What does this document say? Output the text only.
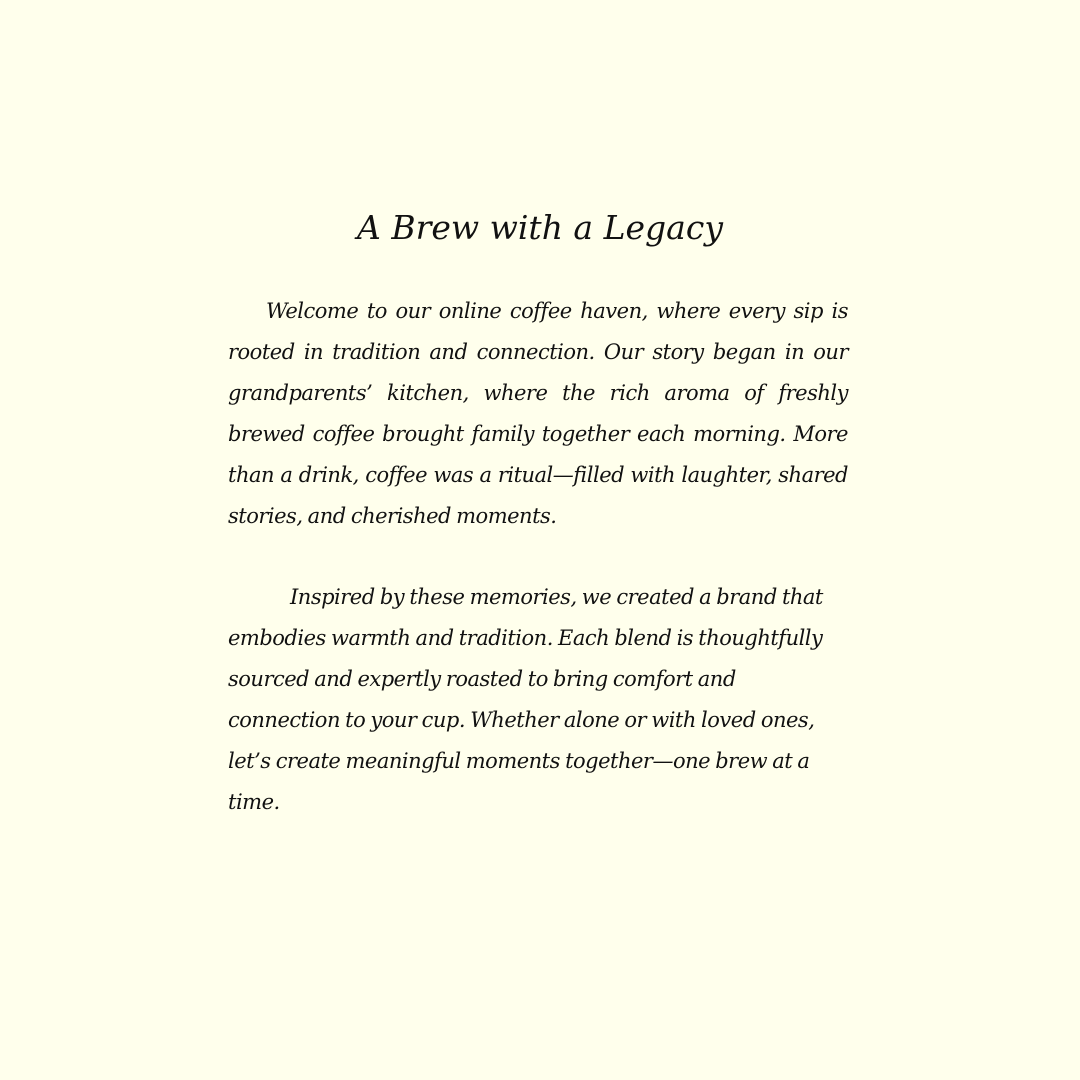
A Brew with a Legacy

Welcome to our online coffee haven, where every sip is rooted in tradition and connection. Our story began in our grandparents’ kitchen, where the rich aroma of freshly brewed coffee brought family together each morning. More than a drink, coffee was a ritual—filled with laughter, shared stories, and cherished moments.

Inspired by these memories, we created a brand that embodies warmth and tradition. Each blend is thoughtfully sourced and expertly roasted to bring comfort and connection to your cup. Whether alone or with loved ones, let’s create meaningful moments together—one brew at a time.
